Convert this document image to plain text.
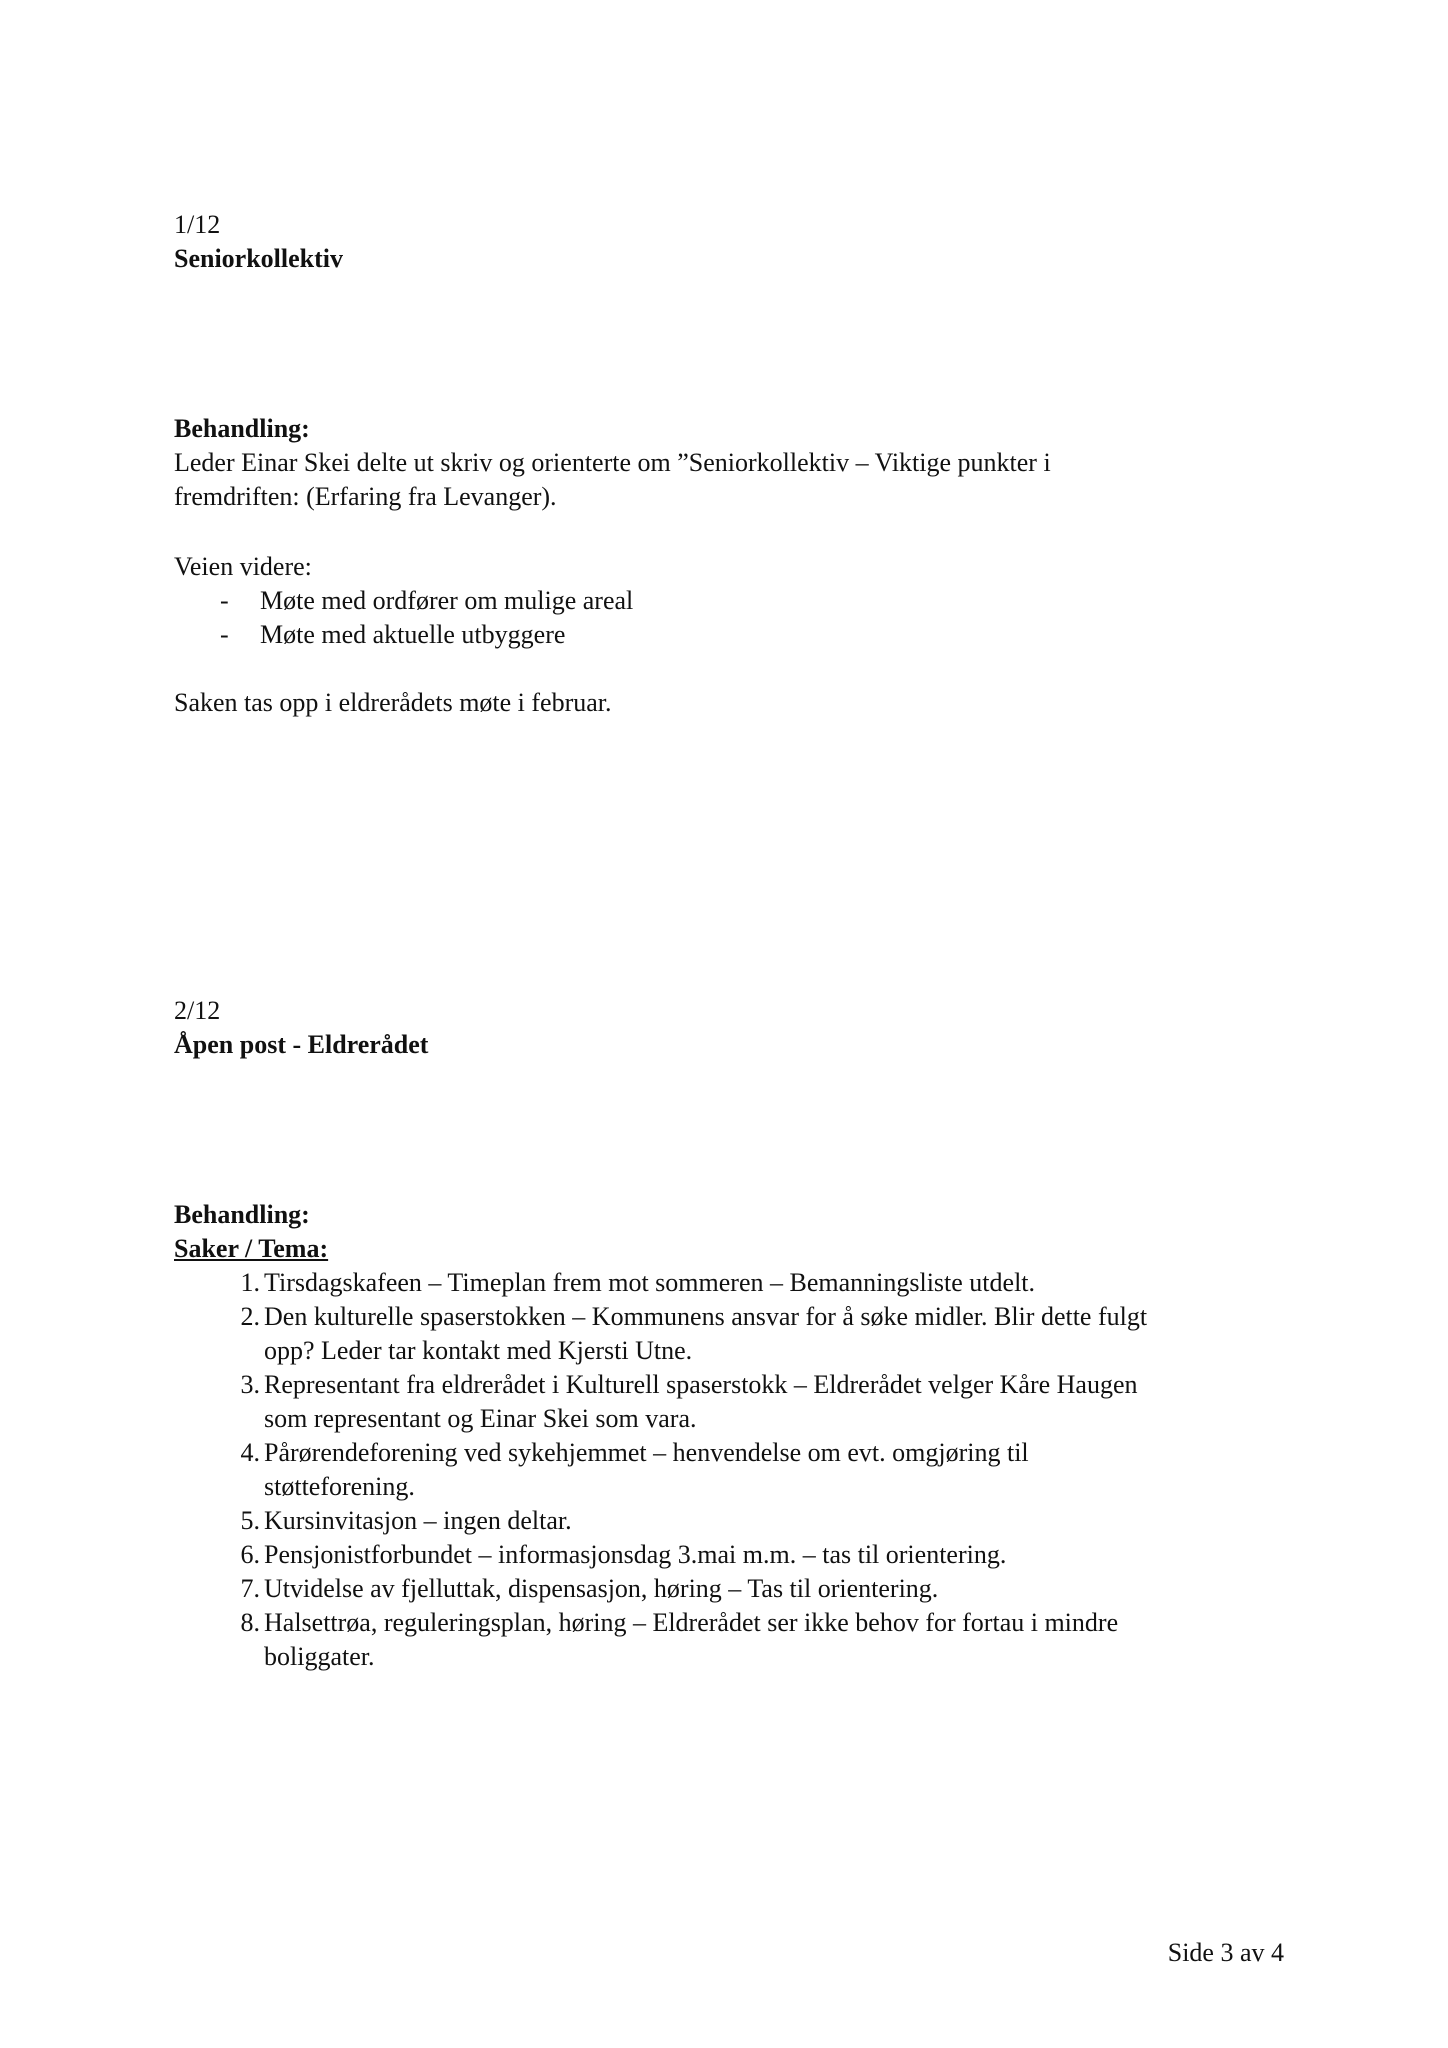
1/12
Seniorkollektiv
Behandling:
Leder Einar Skei delte ut skriv og orienterte om ”Seniorkollektiv – Viktige punkter i
fremdriften: (Erfaring fra Levanger).
Veien videre:
- Møte med ordfører om mulige areal
- Møte med aktuelle utbyggere
Saken tas opp i eldrerådets møte i februar.
2/12
Åpen post - Eldrerådet
Behandling:
Saker / Tema:
1. Tirsdagskafeen – Timeplan frem mot sommeren – Bemanningsliste utdelt.
2. Den kulturelle spaserstokken – Kommunens ansvar for å søke midler. Blir dette fulgt
opp? Leder tar kontakt med Kjersti Utne.
3. Representant fra eldrerådet i Kulturell spaserstokk – Eldrerådet velger Kåre Haugen
som representant og Einar Skei som vara.
4. Pårørendeforening ved sykehjemmet – henvendelse om evt. omgjøring til
støtteforening.
5. Kursinvitasjon – ingen deltar.
6. Pensjonistforbundet – informasjonsdag 3.mai m.m. – tas til orientering.
7. Utvidelse av fjelluttak, dispensasjon, høring – Tas til orientering.
8. Halsettrøa, reguleringsplan, høring – Eldrerådet ser ikke behov for fortau i mindre
boliggater.
Side 3 av 4
